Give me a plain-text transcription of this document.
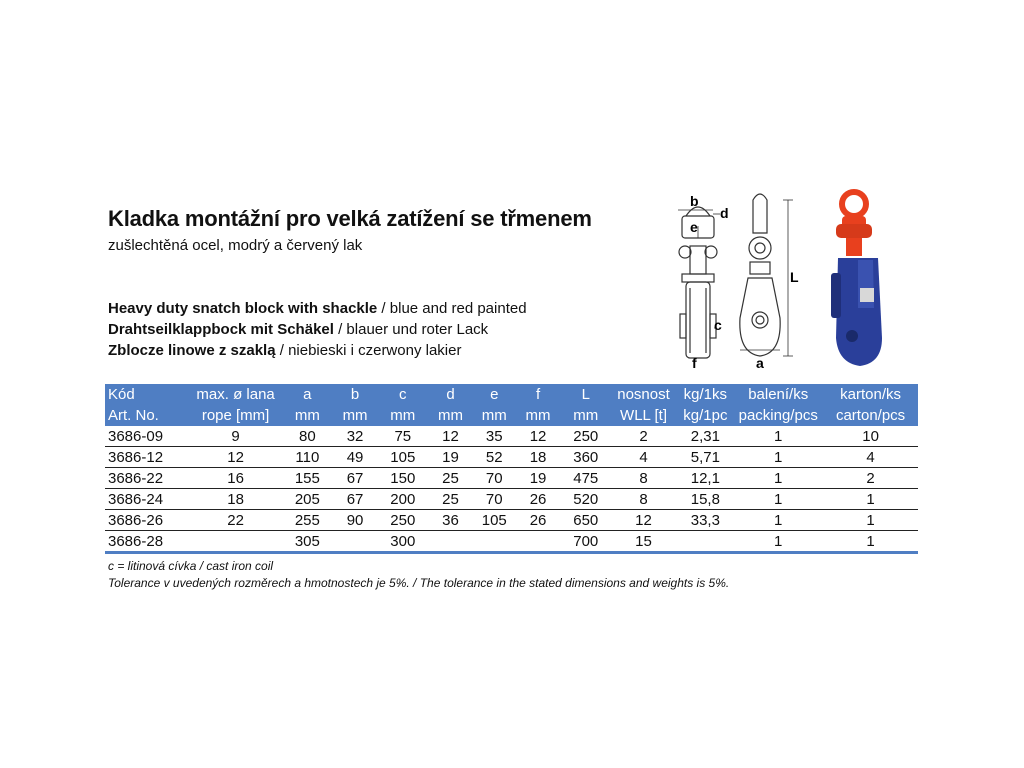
Kladka montážní pro velká zatížení se třmenem
zušlechtěná ocel, modrý a červený lak
Heavy duty snatch block with shackle / blue and red painted
Drahtseilklappbock mit Schäkel / blauer und roter Lack
Zblocze linowe z szaklą / niebieski i czerwony lakier
b
d
e
c
f
L
a
Kód	max. ø lana	a	b	c	d	e	f	L	nosnost	kg/1ks	balení/ks	karton/ks
Art. No.	rope [mm]	mm	mm	mm	mm	mm	mm	mm	WLL [t]	kg/1pc	packing/pcs	carton/pcs
3686-09	9	80	32	75	12	35	12	250	2	2,31	1	10
3686-12	12	110	49	105	19	52	18	360	4	5,71	1	4
3686-22	16	155	67	150	25	70	19	475	8	12,1	1	2
3686-24	18	205	67	200	25	70	26	520	8	15,8	1	1
3686-26	22	255	90	250	36	105	26	650	12	33,3	1	1
3686-28		305		300				700	15		1	1
c = litinová cívka / cast iron coil
Tolerance v uvedených rozměrech a hmotnostech je 5%. / The tolerance in the stated dimensions and weights is 5%.
